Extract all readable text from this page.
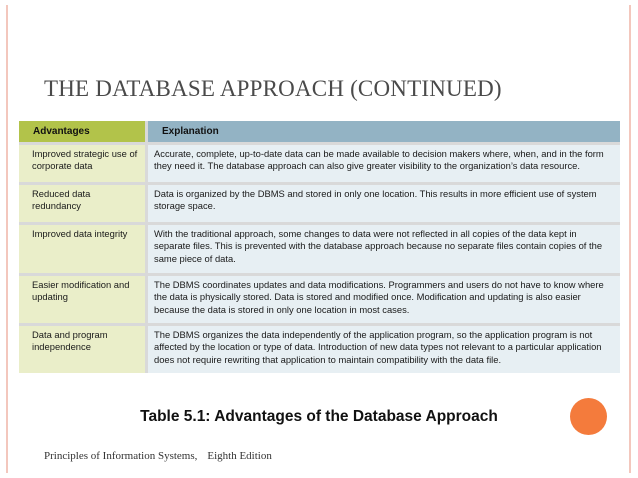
THE DATABASE APPROACH (CONTINUED)
Advantages	Explanation
Improved strategic use of corporate data	Accurate, complete, up-to-date data can be made available to decision makers where, when, and in the form they need it. The database approach can also give greater visibility to the organization’s data resource.
Reduced data redundancy	Data is organized by the DBMS and stored in only one location. This results in more efficient use of system storage space.
Improved data integrity	With the traditional approach, some changes to data were not reflected in all copies of the data kept in separate files. This is prevented with the database approach because no separate files contain copies of the same piece of data.
Easier modification and updating	The DBMS coordinates updates and data modifications. Programmers and users do not have to know where the data is physically stored. Data is stored and modified once. Modification and updating is also easier because the data is stored in only one location in most cases.
Data and program independence	The DBMS organizes the data independently of the application program, so the application program is not affected by the location or type of data. Introduction of new data types not relevant to a particular application does not require rewriting that application to maintain compatibility with the data file.
Table 5.1: Advantages of the Database Approach
Principles of Information Systems, Eighth Edition
